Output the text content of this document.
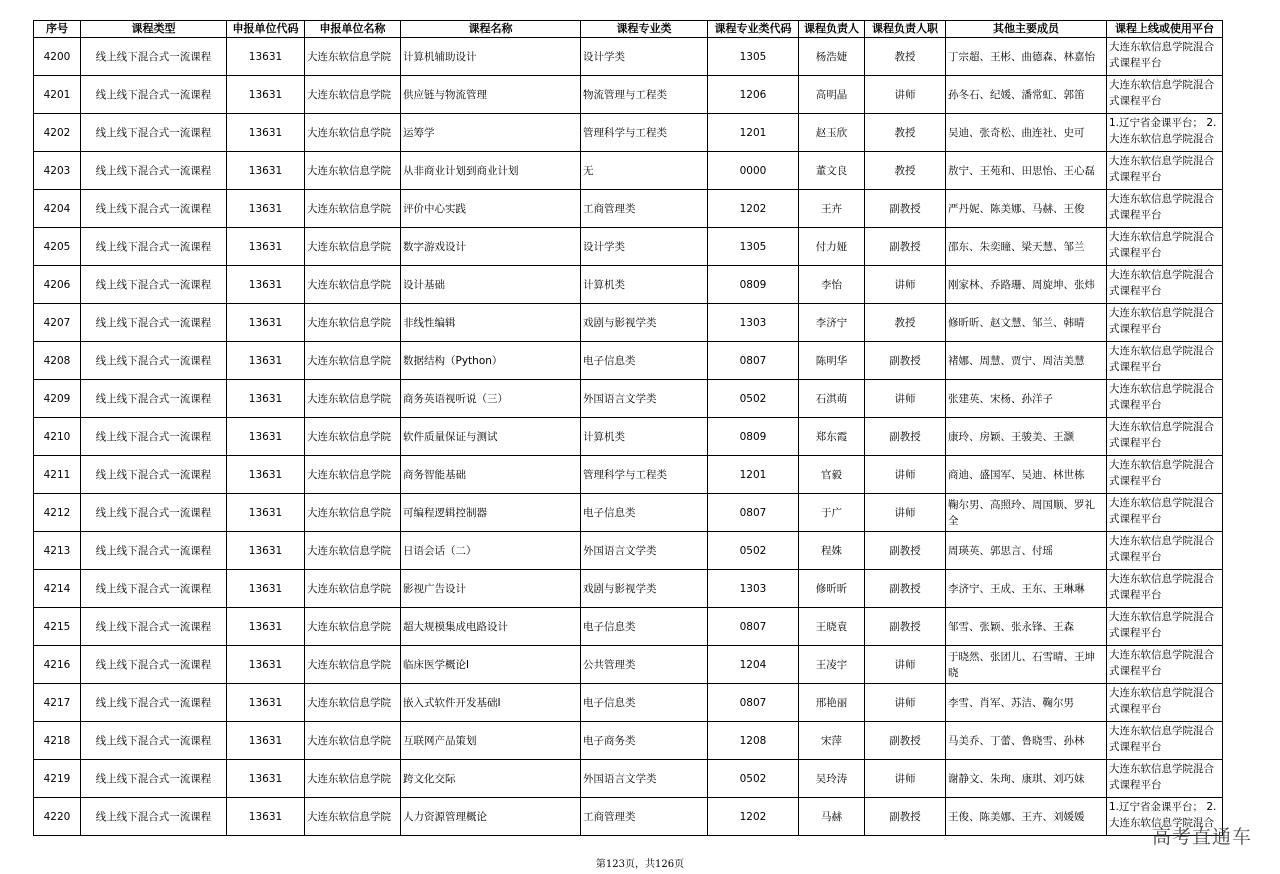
序号	课程类型	申报单位代码	申报单位名称	课程名称	课程专业类	课程专业类代码	课程负责人	课程负责人职	其他主要成员	课程上线或使用平台
4200	线上线下混合式一流课程	13631	大连东软信息学院	计算机辅助设计	设计学类	1305	杨浩婕	教授	丁宗超、王彬、曲德森、林嘉怡	大连东软信息学院混合式课程平台

4201	线上线下混合式一流课程	13631	大连东软信息学院	供应链与物流管理	物流管理与工程类	1206	高明晶	讲师	孙冬石、纪媛、潘常虹、郭笛	大连东软信息学院混合式课程平台

4202	线上线下混合式一流课程	13631	大连东软信息学院	运筹学	管理科学与工程类	1201	赵玉欣	教授	吴迪、张奇松、曲连社、史可	1.辽宁省金课平台； 2.大连东软信息学院混合

4203	线上线下混合式一流课程	13631	大连东软信息学院	从非商业计划到商业计划	无	0000	董文良	教授	敖宁、王苑和、田思怡、王心磊	大连东软信息学院混合式课程平台

4204	线上线下混合式一流课程	13631	大连东软信息学院	评价中心实践	工商管理类	1202	王卉	副教授	严丹妮、陈美娜、马赫、王俊	大连东软信息学院混合式课程平台

4205	线上线下混合式一流课程	13631	大连东软信息学院	数字游戏设计	设计学类	1305	付力娅	副教授	邵东、朱奕瞳、梁天慧、邹兰	大连东软信息学院混合式课程平台

4206	线上线下混合式一流课程	13631	大连东软信息学院	设计基础	计算机类	0809	李怡	讲师	刚家林、乔路珊、周旋坤、张炜	大连东软信息学院混合式课程平台

4207	线上线下混合式一流课程	13631	大连东软信息学院	非线性编辑	戏剧与影视学类	1303	李济宁	教授	修昕昕、赵文慧、邹兰、韩晴	大连东软信息学院混合式课程平台

4208	线上线下混合式一流课程	13631	大连东软信息学院	数据结构（Python）	电子信息类	0807	陈明华	副教授	褚娜、周慧、贾宁、周洁美慧	大连东软信息学院混合式课程平台

4209	线上线下混合式一流课程	13631	大连东软信息学院	商务英语视听说（三）	外国语言文学类	0502	石淇萌	讲师	张建英、宋杨、孙洋子	大连东软信息学院混合式课程平台

4210	线上线下混合式一流课程	13631	大连东软信息学院	软件质量保证与测试	计算机类	0809	郑东霞	副教授	康玲、房颖、王骏美、王灏	大连东软信息学院混合式课程平台

4211	线上线下混合式一流课程	13631	大连东软信息学院	商务智能基础	管理科学与工程类	1201	官毅	讲师	商迪、盛国军、吴迪、林世栋	大连东软信息学院混合式课程平台

4212	线上线下混合式一流课程	13631	大连东软信息学院	可编程逻辑控制器	电子信息类	0807	于广	讲师	鞠尔男、高照玲、周国顺、罗礼全	大连东软信息学院混合式课程平台

4213	线上线下混合式一流课程	13631	大连东软信息学院	日语会话（二）	外国语言文学类	0502	程姝	副教授	周瑛英、郭思言、付瑶	大连东软信息学院混合式课程平台

4214	线上线下混合式一流课程	13631	大连东软信息学院	影视广告设计	戏剧与影视学类	1303	修昕昕	副教授	李济宁、王成、王东、王琳琳	大连东软信息学院混合式课程平台

4215	线上线下混合式一流课程	13631	大连东软信息学院	超大规模集成电路设计	电子信息类	0807	王晓袁	副教授	邹雪、张颖、张永锋、王森	大连东软信息学院混合式课程平台

4216	线上线下混合式一流课程	13631	大连东软信息学院	临床医学概论I	公共管理类	1204	王凌宇	讲师	于晓然、张团儿、石雪晴、王坤晓	大连东软信息学院混合式课程平台

4217	线上线下混合式一流课程	13631	大连东软信息学院	嵌入式软件开发基础I	电子信息类	0807	邢艳丽	讲师	李雪、肖军、苏洁、鞠尔男	大连东软信息学院混合式课程平台

4218	线上线下混合式一流课程	13631	大连东软信息学院	互联网产品策划	电子商务类	1208	宋萍	副教授	马美乔、丁蕾、鲁晓雪、孙林	大连东软信息学院混合式课程平台

4219	线上线下混合式一流课程	13631	大连东软信息学院	跨文化交际	外国语言文学类	0502	吴玲涛	讲师	谢静文、朱珣、康琪、刘巧妹	大连东软信息学院混合式课程平台

4220	线上线下混合式一流课程	13631	大连东软信息学院	人力资源管理概论	工商管理类	1202	马赫	副教授	王俊、陈美娜、王卉、刘媛媛	1.辽宁省金课平台； 2.大连东软信息学院混合
第123页，共126页
高考直通车
